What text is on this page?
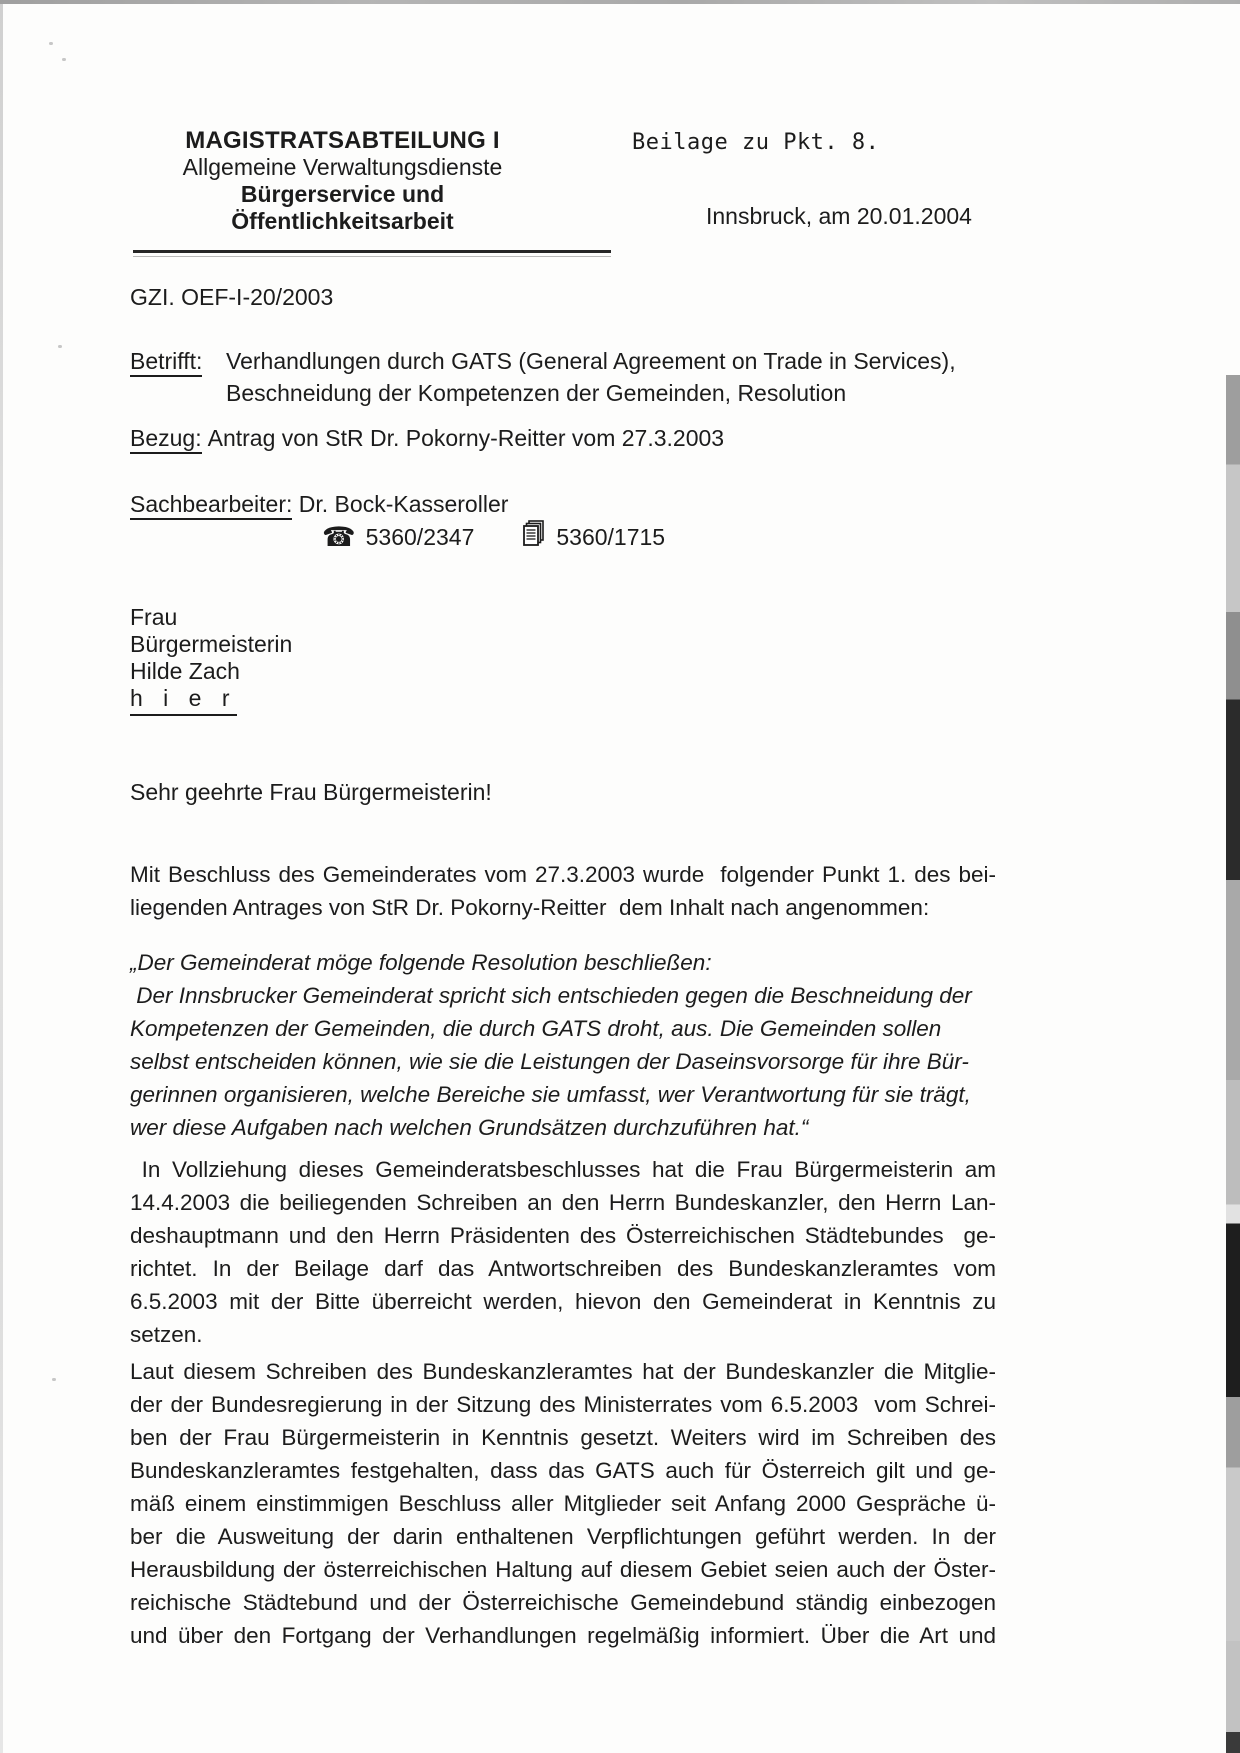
MAGISTRATSABTEILUNG I
Allgemeine Verwaltungsdienste
Bürgerservice und
Öffentlichkeitsarbeit
Beilage zu Pkt. 8.
Innsbruck, am 20.01.2004
GZI. OEF-I-20/2003
Betrifft:	Verhandlungen durch GATS (General Agreement on Trade in Services),
Beschneidung der Kompetenzen der Gemeinden, Resolution
Bezug: Antrag von StR Dr. Pokorny-Reitter vom 27.3.2003
Sachbearbeiter: Dr. Bock-Kasseroller
☎ 5360/2347	5360/1715
Frau
Bürgermeisterin
Hilde Zach
h i e r
Sehr geehrte Frau Bürgermeisterin!
Mit Beschluss des Gemeinderates vom 27.3.2003 wurde  folgender Punkt 1. des bei-
liegenden Antrages von StR Dr. Pokorny-Reitter  dem Inhalt nach angenommen:
„Der Gemeinderat möge folgende Resolution beschließen:
Der Innsbrucker Gemeinderat spricht sich entschieden gegen die Beschneidung der
Kompetenzen der Gemeinden, die durch GATS droht, aus. Die Gemeinden sollen
selbst entscheiden können, wie sie die Leistungen der Daseinsvorsorge für ihre Bür-
gerinnen organisieren, welche Bereiche sie umfasst, wer Verantwortung für sie trägt,
wer diese Aufgaben nach welchen Grundsätzen durchzuführen hat.“
In Vollziehung dieses Gemeinderatsbeschlusses hat die Frau Bürgermeisterin am
14.4.2003 die beiliegenden Schreiben an den Herrn Bundeskanzler, den Herrn Lan-
deshauptmann und den Herrn Präsidenten des Österreichischen Städtebundes  ge-
richtet. In der Beilage darf das Antwortschreiben des Bundeskanzleramtes vom
6.5.2003 mit der Bitte überreicht werden, hievon den Gemeinderat in Kenntnis zu
setzen.
Laut diesem Schreiben des Bundeskanzleramtes hat der Bundeskanzler die Mitglie-
der der Bundesregierung in der Sitzung des Ministerrates vom 6.5.2003  vom Schrei-
ben der Frau Bürgermeisterin in Kenntnis gesetzt. Weiters wird im Schreiben des
Bundeskanzleramtes festgehalten, dass das GATS auch für Österreich gilt und ge-
mäß einem einstimmigen Beschluss aller Mitglieder seit Anfang 2000 Gespräche ü-
ber die Ausweitung der darin enthaltenen Verpflichtungen geführt werden. In der
Herausbildung der österreichischen Haltung auf diesem Gebiet seien auch der Öster-
reichische Städtebund und der Österreichische Gemeindebund ständig einbezogen
und über den Fortgang der Verhandlungen regelmäßig informiert. Über die Art und
